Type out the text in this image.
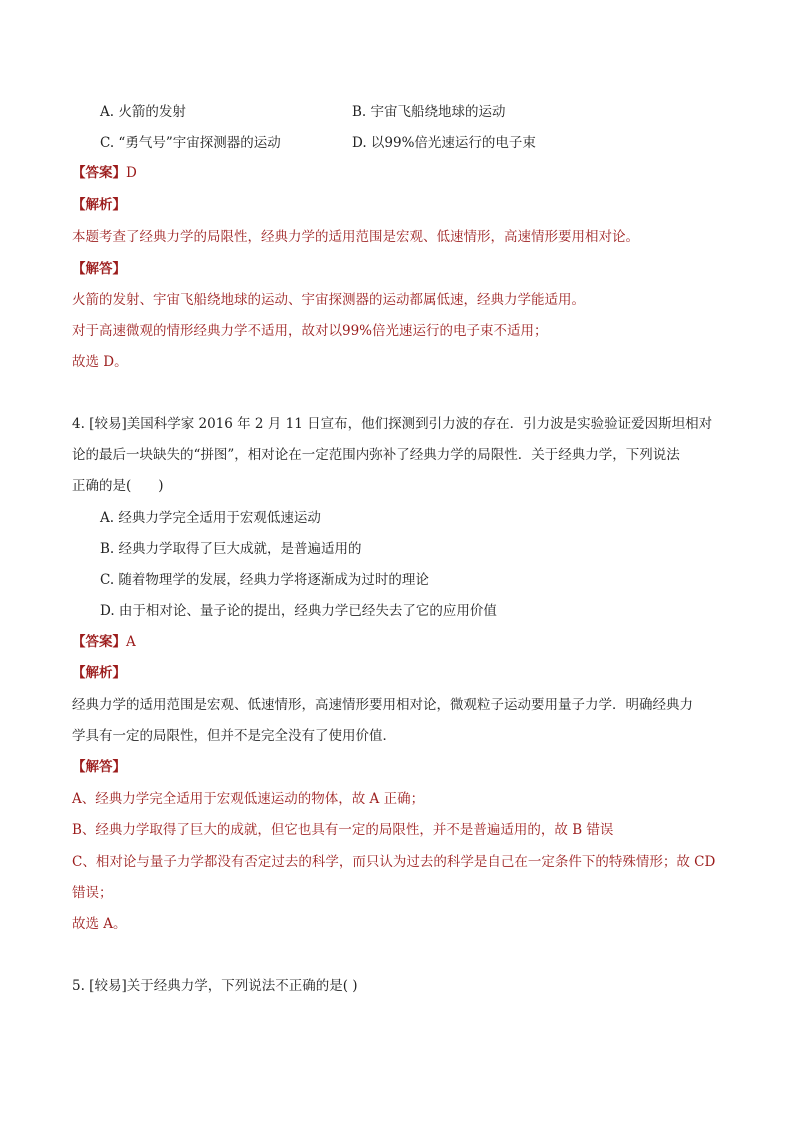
A. 火箭的发射	B. 宇宙飞船绕地球的运动
C. “勇气号”宇宙探测器的运动	D. 以99%倍光速运行的电子束
【答案】D
【解析】
本题考查了经典力学的局限性，经典力学的适用范围是宏观、低速情形，高速情形要用相对论。
【解答】
火箭的发射、宇宙飞船绕地球的运动、宇宙探测器的运动都属低速，经典力学能适用。
对于高速微观的情形经典力学不适用，故对以99%倍光速运行的电子束不适用；
故选 D。
4. [较易]美国科学家 2016 年 2 月 11 日宣布，他们探测到引力波的存在．引力波是实验验证爱因斯坦相对
论的最后一块缺失的“拼图”，相对论在一定范围内弥补了经典力学的局限性．关于经典力学，下列说法
正确的是(　　)
A. 经典力学完全适用于宏观低速运动
B. 经典力学取得了巨大成就，是普遍适用的
C. 随着物理学的发展，经典力学将逐渐成为过时的理论
D. 由于相对论、量子论的提出，经典力学已经失去了它的应用价值
【答案】A
【解析】
经典力学的适用范围是宏观、低速情形，高速情形要用相对论，微观粒子运动要用量子力学．明确经典力
学具有一定的局限性，但并不是完全没有了使用价值．
【解答】
A、经典力学完全适用于宏观低速运动的物体，故 A 正确；
B、经典力学取得了巨大的成就，但它也具有一定的局限性，并不是普遍适用的，故 B 错误
C、相对论与量子力学都没有否定过去的科学，而只认为过去的科学是自己在一定条件下的特殊情形；故 CD
错误；
故选 A。
5. [较易]关于经典力学，下列说法不正确的是( )
